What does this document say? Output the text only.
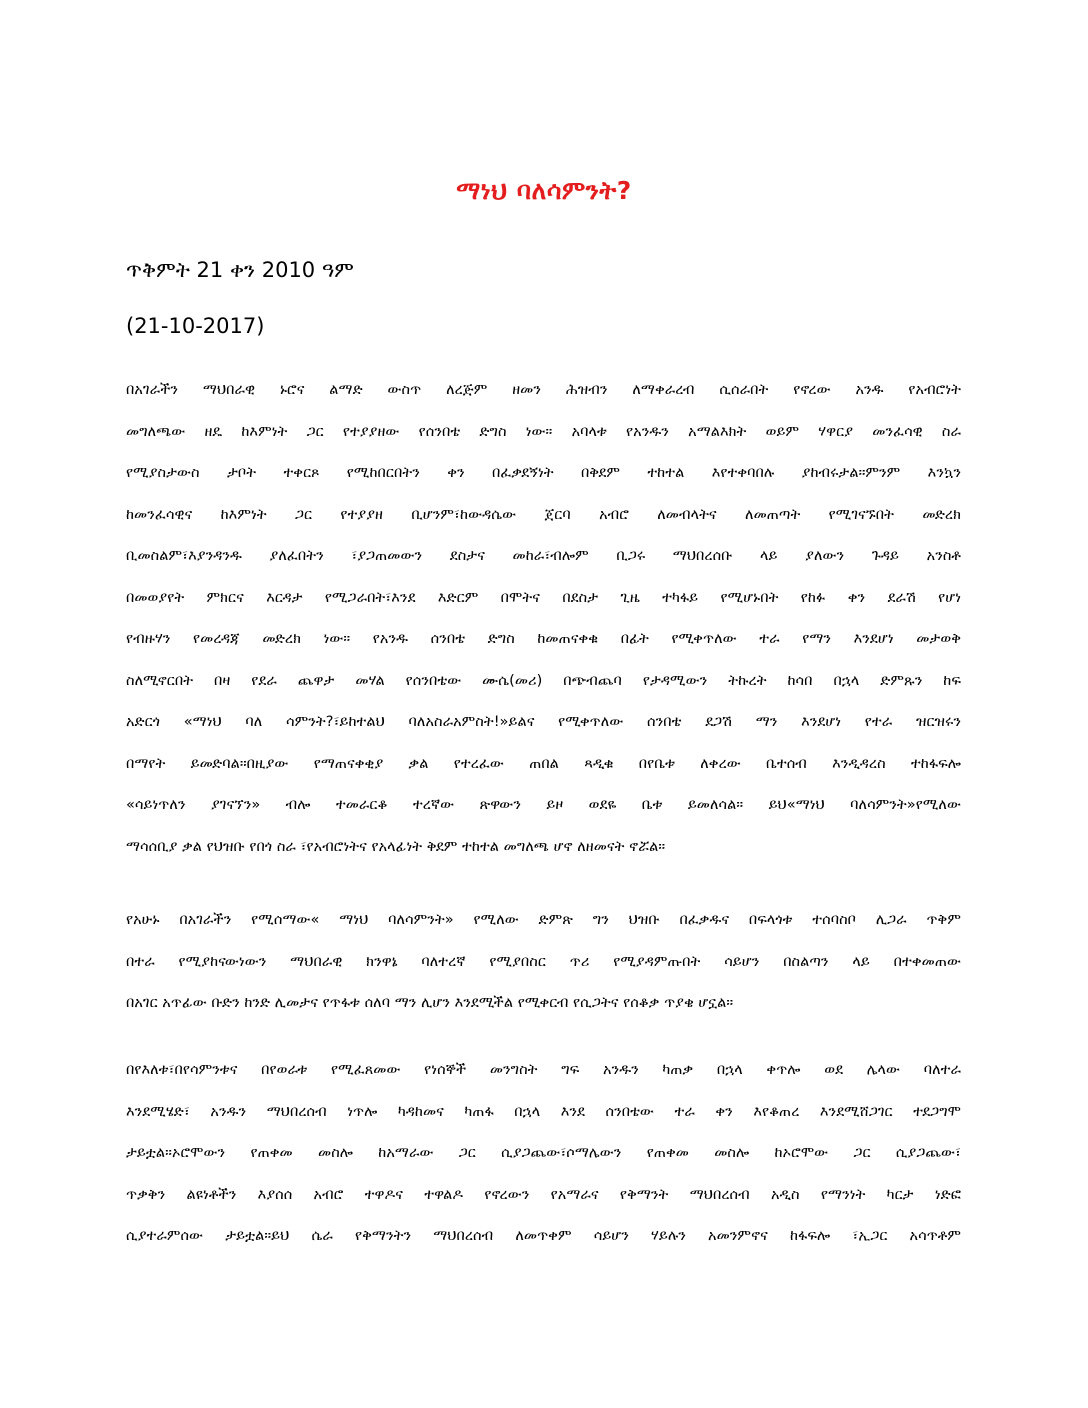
ማነህ ባለሳምንት?
ጥቅምት 21 ቀን 2010 ዓም
(21-10-2017)
በአገራችን ማህበራዊ ኑሮና ልማድ ውስጥ ለረጅም ዘመን ሕዝብን ለማቀራረብ ሲሰራበት የኖረው አንዱ የአብሮነት
መግለጫው ዘዴ ከእምነት ጋር የተያያዘው የሰንበቴ ድግስ ነው። አባላቱ የአንዱን አማልእክት ወይም ሃዋርያ መንፈሳዊ ስራ
የሚያስታውስ ታቦት ተቀርጾ የሚከበርበትን ቀን በፈቃደኝነት በቅደም ተከተል እየተቀባበሉ ያከብሩታል።ምንም እንኳን
ከመንፈሳዊና ከእምነት ጋር የተያያዘ ቢሆንም፣ከውዳሴው ጀርባ አብሮ ለመብላትና ለመጠጣት የሚገናኙበት መድረክ
ቢመስልም፣እያንዳንዱ ያለፈበትን ፣ያጋጠመውን ደስታና መከራ፣ብሎም ቢጋሩ ማህበረሰቡ ላይ ያለውን ጉዳይ አንስቶ
በመወያየት ምክርና እርዳታ የሚጋራበት፣እንደ እድርም በሞትና በደስታ ጊዜ ተካፋይ የሚሆኑበት የከፉ ቀን ደራሽ የሆነ
የብዙሃን የመረዳጃ መድረክ ነው። የአንዱ ሰንበቴ ድግስ ከመጠናቀቁ በፊት የሚቀጥለው ተራ የማን እንደሆነ መታወቅ
ስለሚኖርበት በዛ የደራ ጨዋታ መሃል የሰንበቴው ሙሴ(መሪ) በጭብጨባ የታዳሚውን ትኩረት ከሳበ በኋላ ድምጹን ከፍ
አድርጎ «ማነህ ባለ ሳምንት?፣ይከተልህ ባለአስራአምስት!»ይልና የሚቀጥለው ሰንበቴ ደጋሽ ማን እንደሆነ የተራ ዝርዝሩን
በማየት ይመድባል።በዚያው የማጠናቀቂያ ቃል የተረፈው ጠበል ጻዲቁ በየቤቱ ለቀረው ቤተሰብ እንዲዳረስ ተከፋፍሎ
«ሳይነጥለን ያገናኘን» ብሎ ተመራርቆ ተረኛው ጽዋውን ይዞ ወደዬ ቤቱ ይመለሳል። ይህ«ማነህ ባለሳምንት»የሚለው
ማሳሰቢያ ቃል የህዝቡ የበጎ ስራ ፣የአብሮነትና የአላፊነት ቅደም ተከተል መግለጫ ሆኖ ለዘመናት ኖሯል።
የአሁኑ በአገራችን የሚሰማው« ማነህ ባለሳምንት» የሚለው ድምጽ ግን ህዝቡ በፈቃዱና በፍላጎቱ ተሰባስቦ ሊጋራ ጥቅም
በተራ የሚያከናውነውን ማህበራዊ ክንዋኔ ባለተረኛ የሚያበስር ጥሪ የሚያዳምጡበት ሳይሆን በስልጣን ላይ በተቀመጠው
በአገር አጥፊው ቡድን ከንድ ሊመታና የጥፋቱ ሰለባ ማን ሊሆን እንደሚችል የሚቀርብ የሲጋትና የሰቆቃ ጥያቄ ሆኗል።
በየእለቱ፣በየሳምንቱና በየወራቱ የሚፈጸመው የነሰኞች መንግስት ግፍ አንዱን ካጠቃ በኋላ ቀጥሎ ወደ ሌላው ባለተራ
እንደሚሄድ፣ አንዱን ማህበረሰብ ነጥሎ ካዳከመና ካጠፋ በኋላ እንደ ሰንበቴው ተራ ቀን እየቆጠረ እንደሚሸጋገር ተደጋግሞ
ታይቷል።ኦሮሞውን የጠቀመ መስሎ ከአማራው ጋር ሲያጋጨው፣ሶማሌውን የጠቀመ መስሎ ከኦሮሞው ጋር ሲያጋጨው፣
ጥቃቅን ልዩነቶችን እያሰሰ አብሮ ተዋዶና ተዋልዶ የኖረውን የአማራና የቅማንት ማህበረሰብ አዲስ የማንነት ካርታ ነድፎ
ሲያተራምሰው ታይቷል።ይህ ሴራ የቅማንትን ማህበረሰብ ለመጥቀም ሳይሆን ሃይሉን አመንምኖና ከፋፍሎ ፣ኢጋር አሳጥቶም
